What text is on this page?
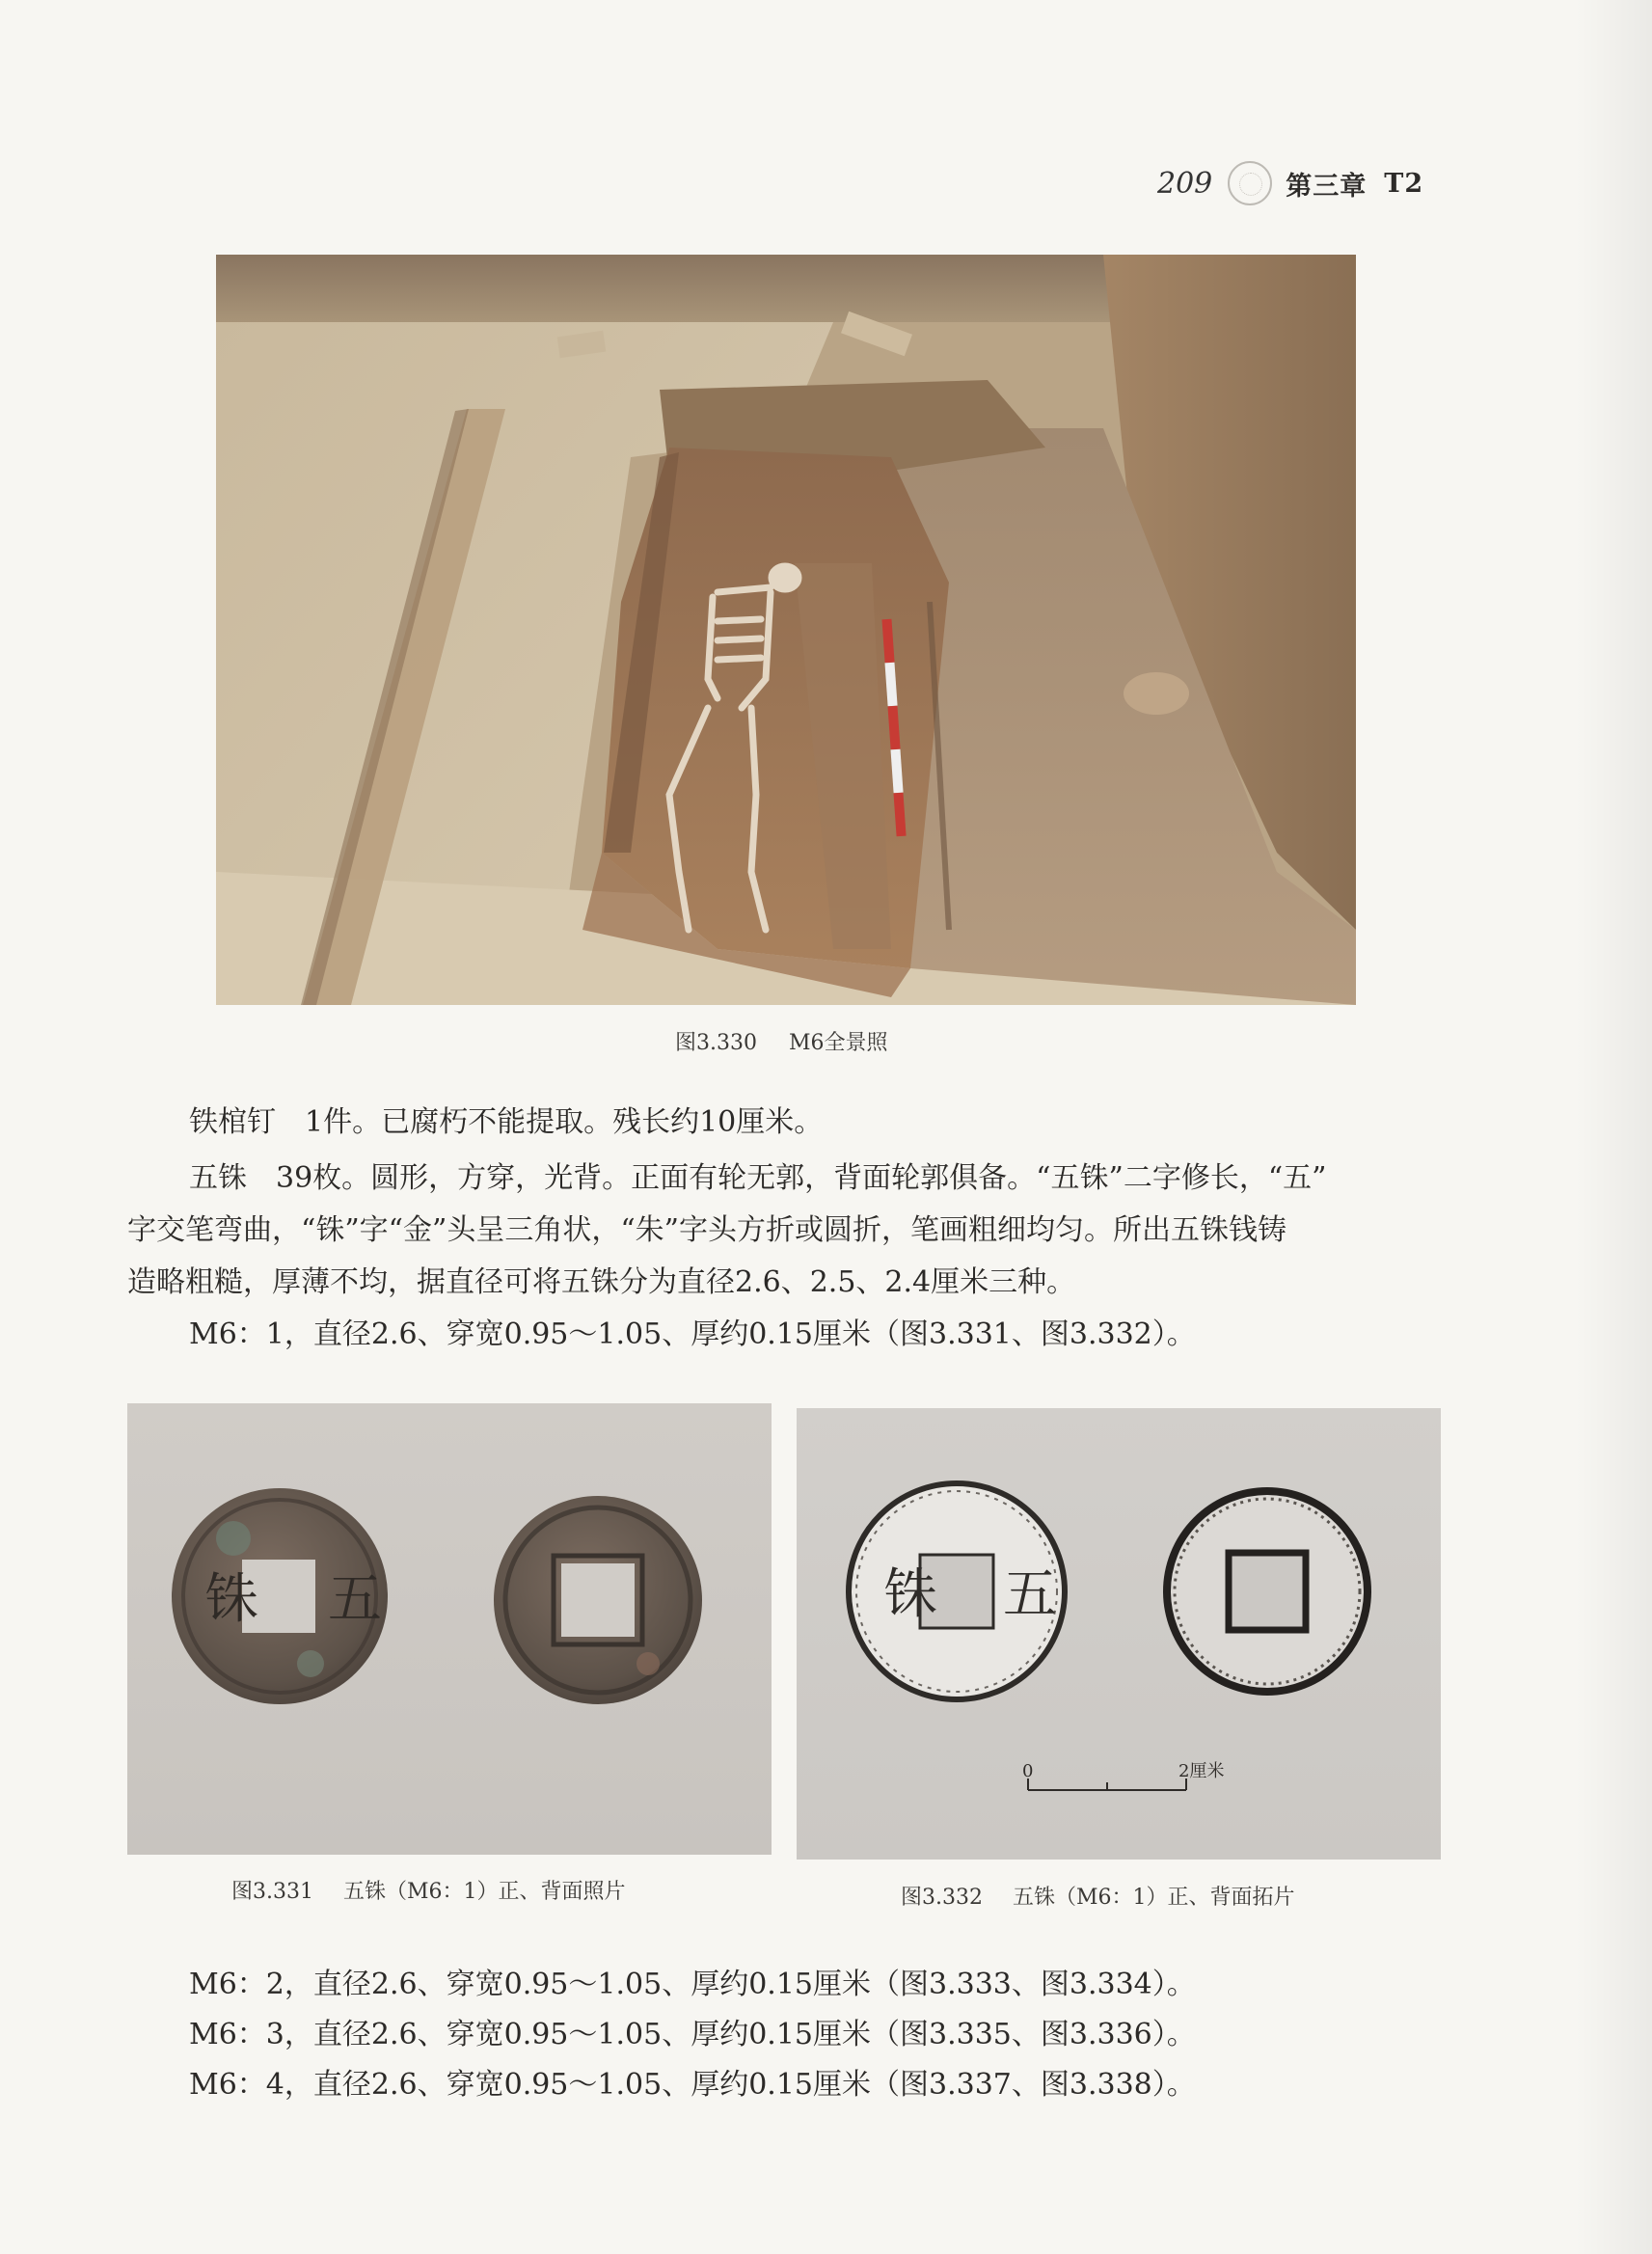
209	第三章 T2
图3.330 M6全景照
铁棺钉　1件。已腐朽不能提取。残长约10厘米。
五铢　39枚。圆形，方穿，光背。正面有轮无郭，背面轮郭俱备。“五铢”二字修长，“五”
字交笔弯曲，“铢”字“金”头呈三角状，“朱”字头方折或圆折，笔画粗细均匀。所出五铢钱铸
造略粗糙，厚薄不均，据直径可将五铢分为直径2.6、2.5、2.4厘米三种。
M6：1，直径2.6、穿宽0.95～1.05、厚约0.15厘米（图3.331、图3.332）。
铢 五
图3.331 五铢（M6：1）正、背面照片
铢 五
0	2厘米
图3.332 五铢（M6：1）正、背面拓片
M6：2，直径2.6、穿宽0.95～1.05、厚约0.15厘米（图3.333、图3.334）。
M6：3，直径2.6、穿宽0.95～1.05、厚约0.15厘米（图3.335、图3.336）。
M6：4，直径2.6、穿宽0.95～1.05、厚约0.15厘米（图3.337、图3.338）。
